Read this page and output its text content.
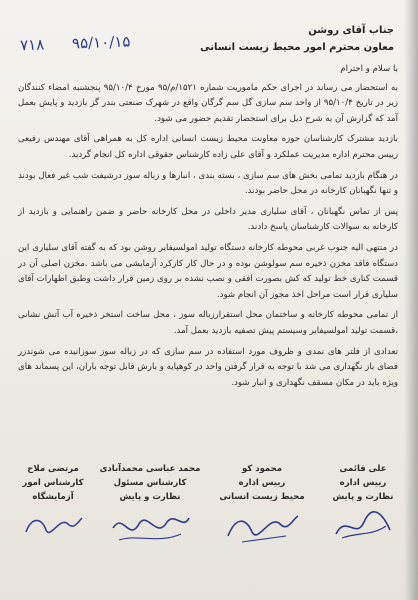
۷۱۸ ۹۵/۱۰/۱۵
جناب آقای روشن
معاون محترم امور محیط زیست انسانی

با سلام و احترام

به استحضار می رساند در اجرای حکم ماموریت شماره ۱۵۲۱/م/۹۵ مورخ ۹۵/۱۰/۴ پنجشنبه امضاء کنندگان زیر در تاریخ ۹۵/۱۰/۴ از واحد سم سازی گل سم گرگان واقع در شهرک صنعتی بندر گز بازدید و پایش بعمل آمد که گزارش آن به شرح ذیل برای استحضار تقدیم حضور می شود.

بازدید مشترک کارشناسان حوزه معاونت محیط زیست انسانی اداره کل به همراهی آقای مهندس رفیعی رییس محترم اداره مدیریت عملکرد و آقای علی زاده کارشناس حقوقی اداره کل انجام گردید.

در هنگام بازدید تمامی بخش های سم سازی ، بسته بندی ، انبارها و زباله سوز درشیفت شب غیر فعال بودند و تنها نگهبانان کارخانه در محل حاضر بودند.

پس از تماس نگهبانان ، آقای سلیاری مدیر داخلی در محل کارخانه حاضر و ضمن راهنمایی و بازدید از کارخانه به سوالات کارشناسان پاسخ دادند.

در منتهی الیه جنوب غربی محوطه کارخانه دستگاه تولید امولسیفایر روشن بود که به گفته آقای سلیاری این دستگاه فاقد مخزن ذخیره سم سولوشن بوده و در حال کار کارکرد آزمایشی می باشد .مخزن اصلی آن در قسمت کناری خط تولید که کش بصورت افقی و نصب نشده بر روی زمین قرار داشت وطبق اظهارات آقای سلیاری قرار است مراحل اخذ مجوز آن انجام شود.

از تمامی محوطه کارخانه و ساختمان محل استقرارزباله سوز ، محل ساخت استخر ذخیره آب آتش نشانی ،قسمت تولید امولسیفایر وسیستم پیش تصفیه بازدید بعمل آمد.

تعدادی از فلتر های نمدی و ظروف مورد استفاده در سم سازی که در زباله سوز سوزانیده می شوندزر فضای باز نگهداری می شد با توجه به قرار گرفتن واحد در کوهپایه و بارش قابل توجه باران، این پسماند های ویژه باید در مکان مسقف نگهداری و انبار شود.

علی قائمی
رییس اداره
نظارت و پایش
محمود کو
رییس اداره
محیط زیست انسانی
محمد عباسی محمدآبادی
کارشناس مسئول
نظارت و پایش
مرتضی ملاح
کارشناس امور آزمایشگاه
